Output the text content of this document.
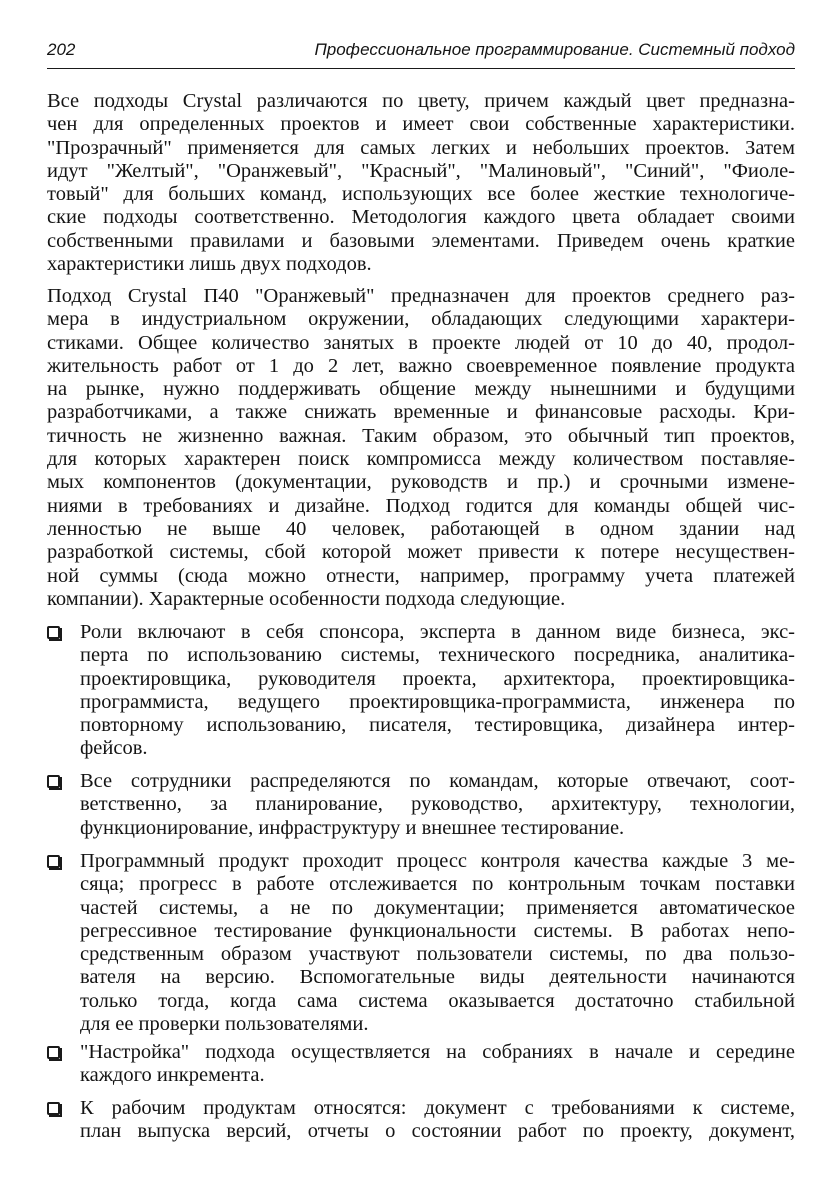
202	Профессиональное программирование. Системный подход
Все подходы Crystal различаются по цвету, причем каждый цвет предназна-
чен для определенных проектов и имеет свои собственные характеристики.
"Прозрачный" применяется для самых легких и небольших проектов. Затем
идут "Желтый", "Оранжевый", "Красный", "Малиновый", "Синий", "Фиоле-
товый" для больших команд, использующих все более жесткие технологиче-
ские подходы соответственно. Методология каждого цвета обладает своими
собственными правилами и базовыми элементами. Приведем очень краткие
характеристики лишь двух подходов.
Подход Crystal П40 "Оранжевый" предназначен для проектов среднего раз-
мера в индустриальном окружении, обладающих следующими характери-
стиками. Общее количество занятых в проекте людей от 10 до 40, продол-
жительность работ от 1 до 2 лет, важно своевременное появление продукта
на рынке, нужно поддерживать общение между нынешними и будущими
разработчиками, а также снижать временные и финансовые расходы. Кри-
тичность не жизненно важная. Таким образом, это обычный тип проектов,
для которых характерен поиск компромисса между количеством поставляе-
мых компонентов (документации, руководств и пр.) и срочными измене-
ниями в требованиях и дизайне. Подход годится для команды общей чис-
ленностью не выше 40 человек, работающей в одном здании над
разработкой системы, сбой которой может привести к потере несуществен-
ной суммы (сюда можно отнести, например, программу учета платежей
компании). Характерные особенности подхода следующие.
Роли включают в себя спонсора, эксперта в данном виде бизнеса, экс-
перта по использованию системы, технического посредника, аналитика-
проектировщика, руководителя проекта, архитектора, проектировщика-
программиста, ведущего проектировщика-программиста, инженера по
повторному использованию, писателя, тестировщика, дизайнера интер-
фейсов.
Все сотрудники распределяются по командам, которые отвечают, соот-
ветственно, за планирование, руководство, архитектуру, технологии,
функционирование, инфраструктуру и внешнее тестирование.
Программный продукт проходит процесс контроля качества каждые 3 ме-
сяца; прогресс в работе отслеживается по контрольным точкам поставки
частей системы, а не по документации; применяется автоматическое
регрессивное тестирование функциональности системы. В работах непо-
средственным образом участвуют пользователи системы, по два пользо-
вателя на версию. Вспомогательные виды деятельности начинаются
только тогда, когда сама система оказывается достаточно стабильной
для ее проверки пользователями.
"Настройка" подхода осуществляется на собраниях в начале и середине
каждого инкремента.
К рабочим продуктам относятся: документ с требованиями к системе,
план выпуска версий, отчеты о состоянии работ по проекту, документ,
